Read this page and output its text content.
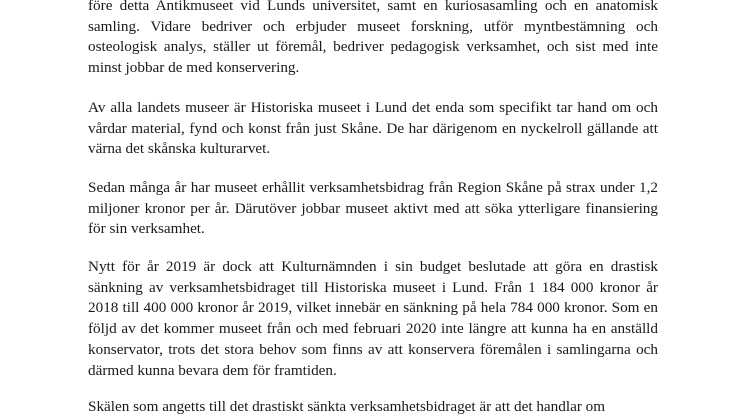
före detta Antikmuseet vid Lunds universitet, samt en kuriosasamling och en anatomisk samling. Vidare bedriver och erbjuder museet forskning, utför myntbestämning och osteologisk analys, ställer ut föremål, bedriver pedagogisk verksamhet, och sist med inte minst jobbar de med konservering.

Av alla landets museer är Historiska museet i Lund det enda som specifikt tar hand om och vårdar material, fynd och konst från just Skåne. De har därigenom en nyckelroll gällande att värna det skånska kulturarvet.

Sedan många år har museet erhållit verksamhetsbidrag från Region Skåne på strax under 1,2 miljoner kronor per år. Därutöver jobbar museet aktivt med att söka ytterligare finansiering för sin verksamhet.

Nytt för år 2019 är dock att Kulturnämnden i sin budget beslutade att göra en drastisk sänkning av verksamhetsbidraget till Historiska museet i Lund. Från 1 184 000 kronor år 2018 till 400 000 kronor år 2019, vilket innebär en sänkning på hela 784 000 kronor. Som en följd av det kommer museet från och med februari 2020 inte längre att kunna ha en anställd konservator, trots det stora behov som finns av att konservera föremålen i samlingarna och därmed kunna bevara dem för framtiden.

Skälen som angetts till det drastiskt sänkta verksamhetsbidraget är att det handlar om
